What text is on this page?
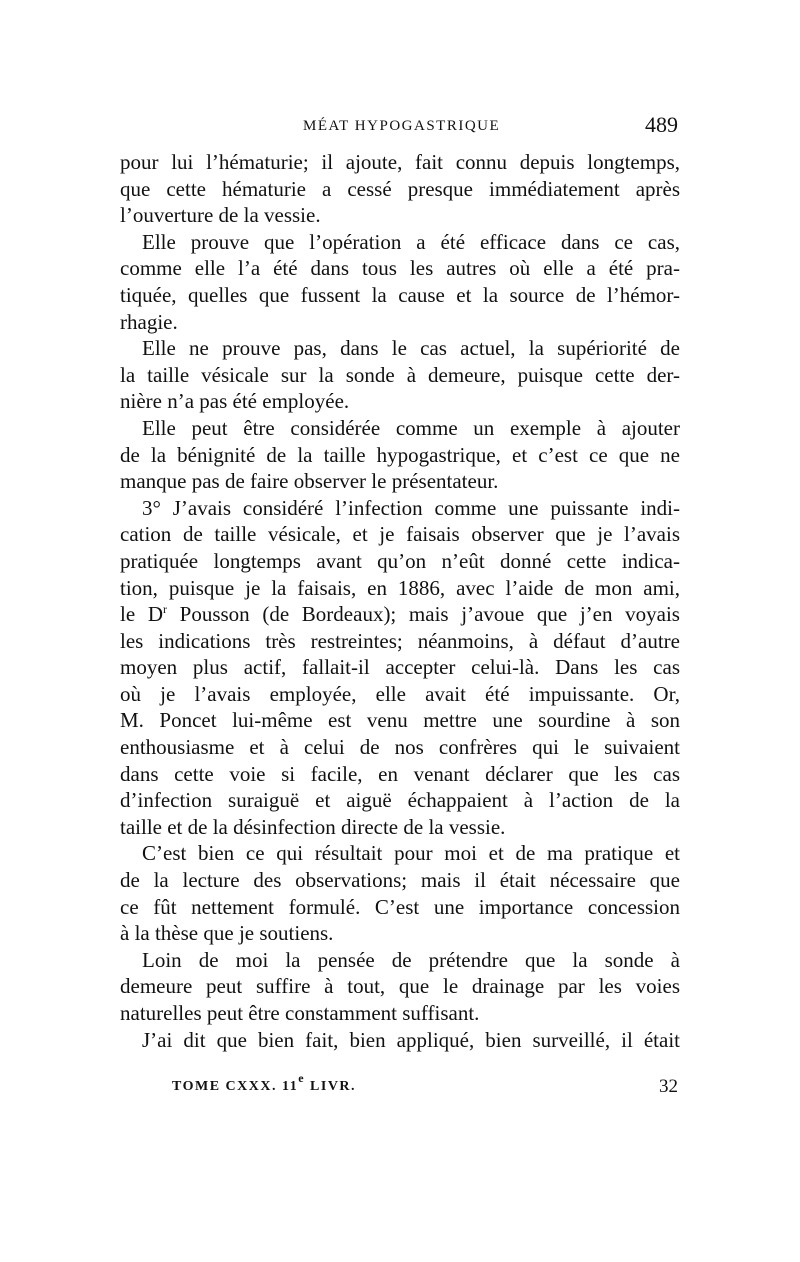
MÉAT HYPOGASTRIQUE	489
pour lui l’hématurie; il ajoute, fait connu depuis longtemps,
que cette hématurie a cessé presque immédiatement après
l’ouverture de la vessie.
Elle prouve que l’opération a été efficace dans ce cas,
comme elle l’a été dans tous les autres où elle a été pra-
tiquée, quelles que fussent la cause et la source de l’hémor-
rhagie.
Elle ne prouve pas, dans le cas actuel, la supériorité de
la taille vésicale sur la sonde à demeure, puisque cette der-
nière n’a pas été employée.
Elle peut être considérée comme un exemple à ajouter
de la bénignité de la taille hypogastrique, et c’est ce que ne
manque pas de faire observer le présentateur.
3° J’avais considéré l’infection comme une puissante indi-
cation de taille vésicale, et je faisais observer que je l’avais
pratiquée longtemps avant qu’on n’eût donné cette indica-
tion, puisque je la faisais, en 1886, avec l’aide de mon ami,
le $D^r$ Pousson (de Bordeaux); mais j’avoue que j’en voyais
les indications très restreintes; néanmoins, à défaut d’autre
moyen plus actif, fallait-il accepter celui-là. Dans les cas
où je l’avais employée, elle avait été impuissante. Or,
M. Poncet lui-même est venu mettre une sourdine à son
enthousiasme et à celui de nos confrères qui le suivaient
dans cette voie si facile, en venant déclarer que les cas
d’infection suraiguë et aiguë échappaient à l’action de la
taille et de la désinfection directe de la vessie.
C’est bien ce qui résultait pour moi et de ma pratique et
de la lecture des observations; mais il était nécessaire que
ce fût nettement formulé. C’est une importance concession
à la thèse que je soutiens.
Loin de moi la pensée de prétendre que la sonde à
demeure peut suffire à tout, que le drainage par les voies
naturelles peut être constamment suffisant.
J’ai dit que bien fait, bien appliqué, bien surveillé, il était
TOME CXXX. 11e LIVR.	32
